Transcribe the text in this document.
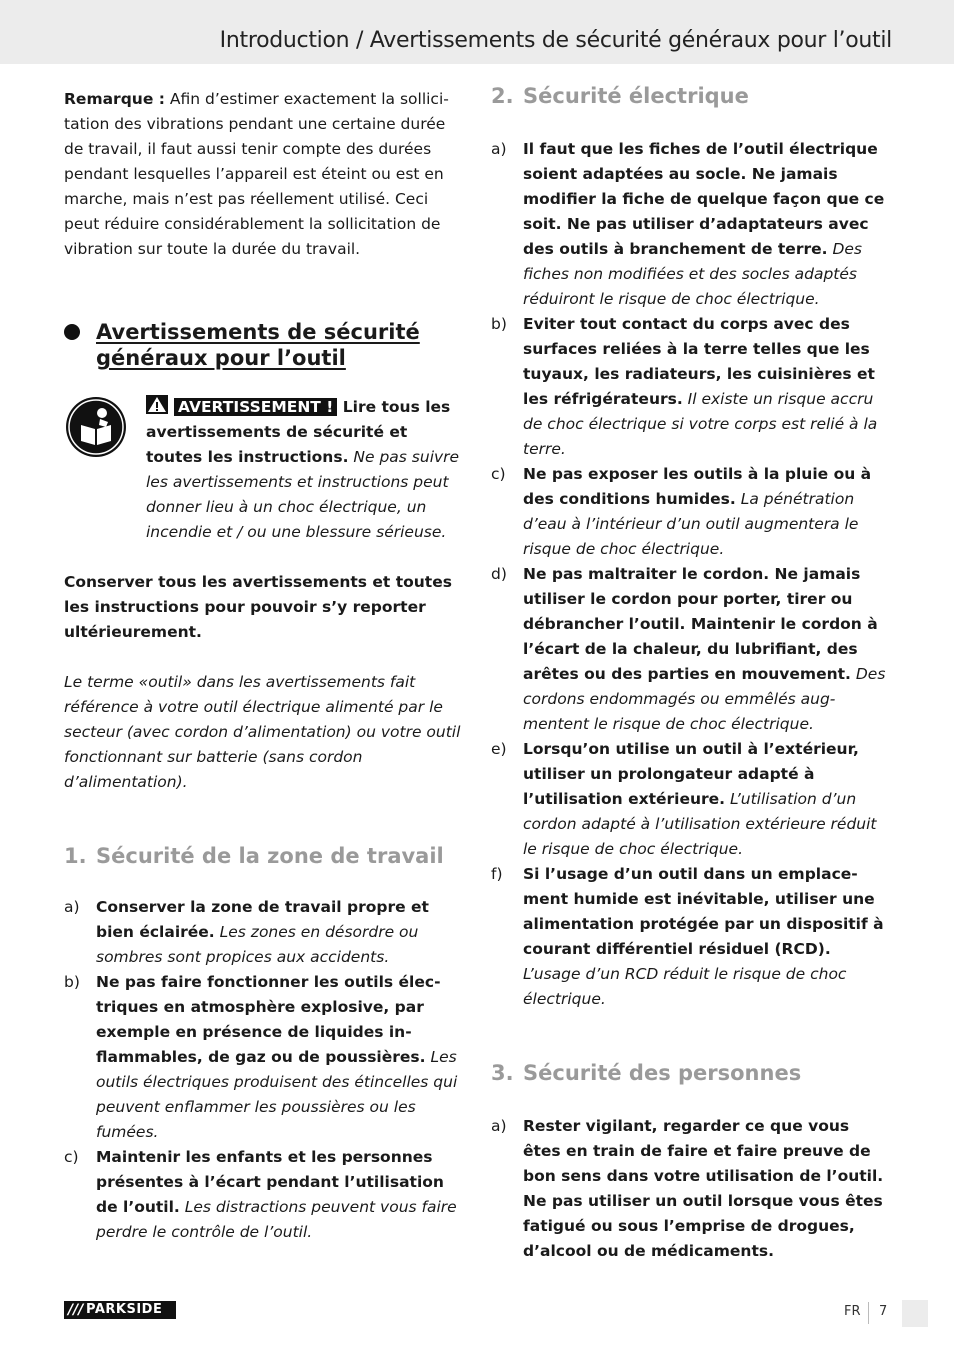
Introduction / Avertissements de sécurité généraux pour l’outil

Remarque : Afin d’estimer exactement la sollicitation des vibrations pendant une certaine durée de travail, il faut aussi tenir compte des durées pendant lesquelles l’appareil est éteint ou est en marche, mais n’est pas réellement utilisé. Ceci peut réduire considérablement la sollicitation de vibration sur toute la durée du travail.

Avertissements de sécurité généraux pour l’outil

AVERTISSEMENT ! Lire tous les avertissements de sécurité et toutes les instructions. Ne pas suivre les avertissements et instructions peut donner lieu à un choc électrique, un incendie et / ou une blessure sérieuse.

Conserver tous les avertissements et toutes les instructions pour pouvoir s’y reporter ultérieurement.

Le terme «outil» dans les avertissements fait référence à votre outil électrique alimenté par le secteur (avec cordon d’alimentation) ou votre outil fonctionnant sur batterie (sans cordon d’alimentation).

1. Sécurité de la zone de travail
a) Conserver la zone de travail propre et bien éclairée. Les zones en désordre ou sombres sont propices aux accidents.
b) Ne pas faire fonctionner les outils électriques en atmosphère explosive, par exemple en présence de liquides inflammables, de gaz ou de poussières. Les outils électriques produisent des étincelles qui peuvent enflammer les poussières ou les fumées.
c) Maintenir les enfants et les personnes présentes à l’écart pendant l’utilisation de l’outil. Les distractions peuvent vous faire perdre le contrôle de l’outil.
2. Sécurité électrique
a) Il faut que les fiches de l’outil électrique soient adaptées au socle. Ne jamais modifier la fiche de quelque façon que ce soit. Ne pas utiliser d’adaptateurs avec des outils à branchement de terre. Des fiches non modifiées et des socles adaptés réduiront le risque de choc électrique.
b) Eviter tout contact du corps avec des surfaces reliées à la terre telles que les tuyaux, les radiateurs, les cuisinières et les réfrigérateurs. Il existe un risque accru de choc électrique si votre corps est relié à la terre.
c) Ne pas exposer les outils à la pluie ou à des conditions humides. La pénétration d’eau à l’intérieur d’un outil augmentera le risque de choc électrique.
d) Ne pas maltraiter le cordon. Ne jamais utiliser le cordon pour porter, tirer ou débrancher l’outil. Maintenir le cordon à l’écart de la chaleur, du lubrifiant, des arêtes ou des parties en mouvement. Des cordons endommagés ou emmêlés augmentent le risque de choc électrique.
e) Lorsqu’on utilise un outil à l’extérieur, utiliser un prolongateur adapté à l’utilisation extérieure. L’utilisation d’un cordon adapté à l’utilisation extérieure réduit le risque de choc électrique.
f) Si l’usage d’un outil dans un emplacement humide est inévitable, utiliser une alimentation protégée par un dispositif à courant différentiel résiduel (RCD). L’usage d’un RCD réduit le risque de choc électrique.
3. Sécurité des personnes
a) Rester vigilant, regarder ce que vous êtes en train de faire et faire preuve de bon sens dans votre utilisation de l’outil. Ne pas utiliser un outil lorsque vous êtes fatigué ou sous l’emprise de drogues, d’alcool ou de médicaments.
/// PARKSIDE	FR 7
